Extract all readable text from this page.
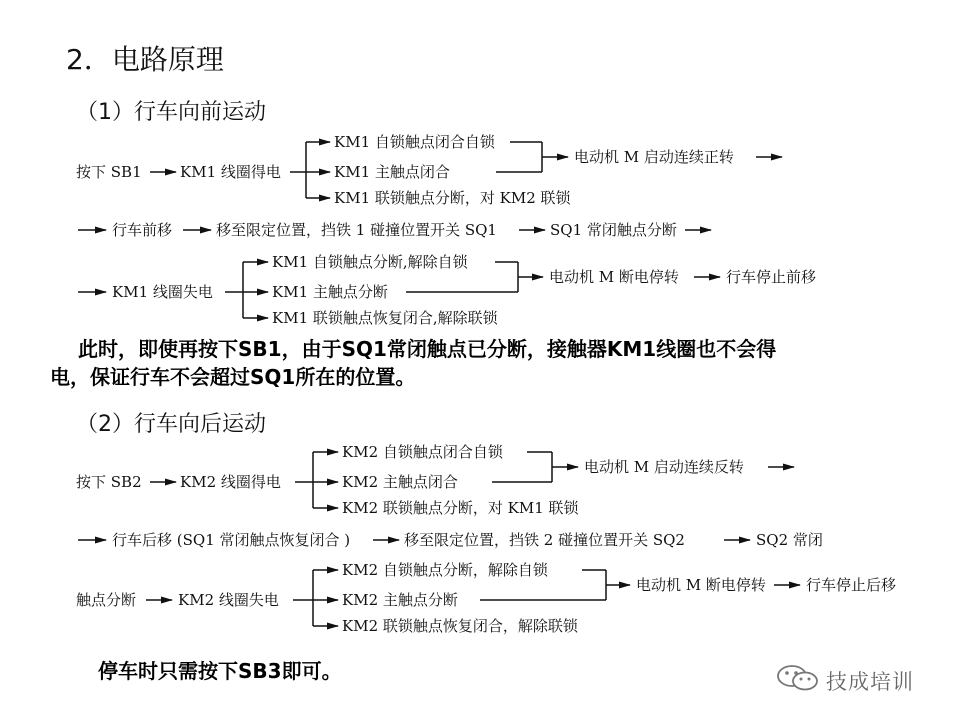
2．电路原理
（1）行车向前运动
按下 SB1	KM1 线圈得电
KM1 自锁触点闭合自锁
KM1 主触点闭合
KM1 联锁触点分断，对 KM2 联锁
电动机 M 启动连续正转
行车前移	移至限定位置，挡铁 1 碰撞位置开关 SQ1	SQ1 常闭触点分断
KM1 线圈失电
KM1 自锁触点分断,解除自锁
KM1 主触点分断
KM1 联锁触点恢复闭合,解除联锁
电动机 M 断电停转	行车停止前移
此时，即使再按下SB1，由于SQ1常闭触点已分断，接触器KM1线圈也不会得
电，保证行车不会超过SQ1所在的位置。
（2）行车向后运动
按下 SB2	KM2 线圈得电
KM2 自锁触点闭合自锁
KM2 主触点闭合
KM2 联锁触点分断，对 KM1 联锁
电动机 M 启动连续反转
行车后移 (SQ1 常闭触点恢复闭合 )	移至限定位置，挡铁 2 碰撞位置开关 SQ2	SQ2 常闭
触点分断	KM2 线圈失电
KM2 自锁触点分断，解除自锁
KM2 主触点分断
KM2 联锁触点恢复闭合，解除联锁
电动机 M 断电停转	行车停止后移
停车时只需按下SB3即可。	技成培训
